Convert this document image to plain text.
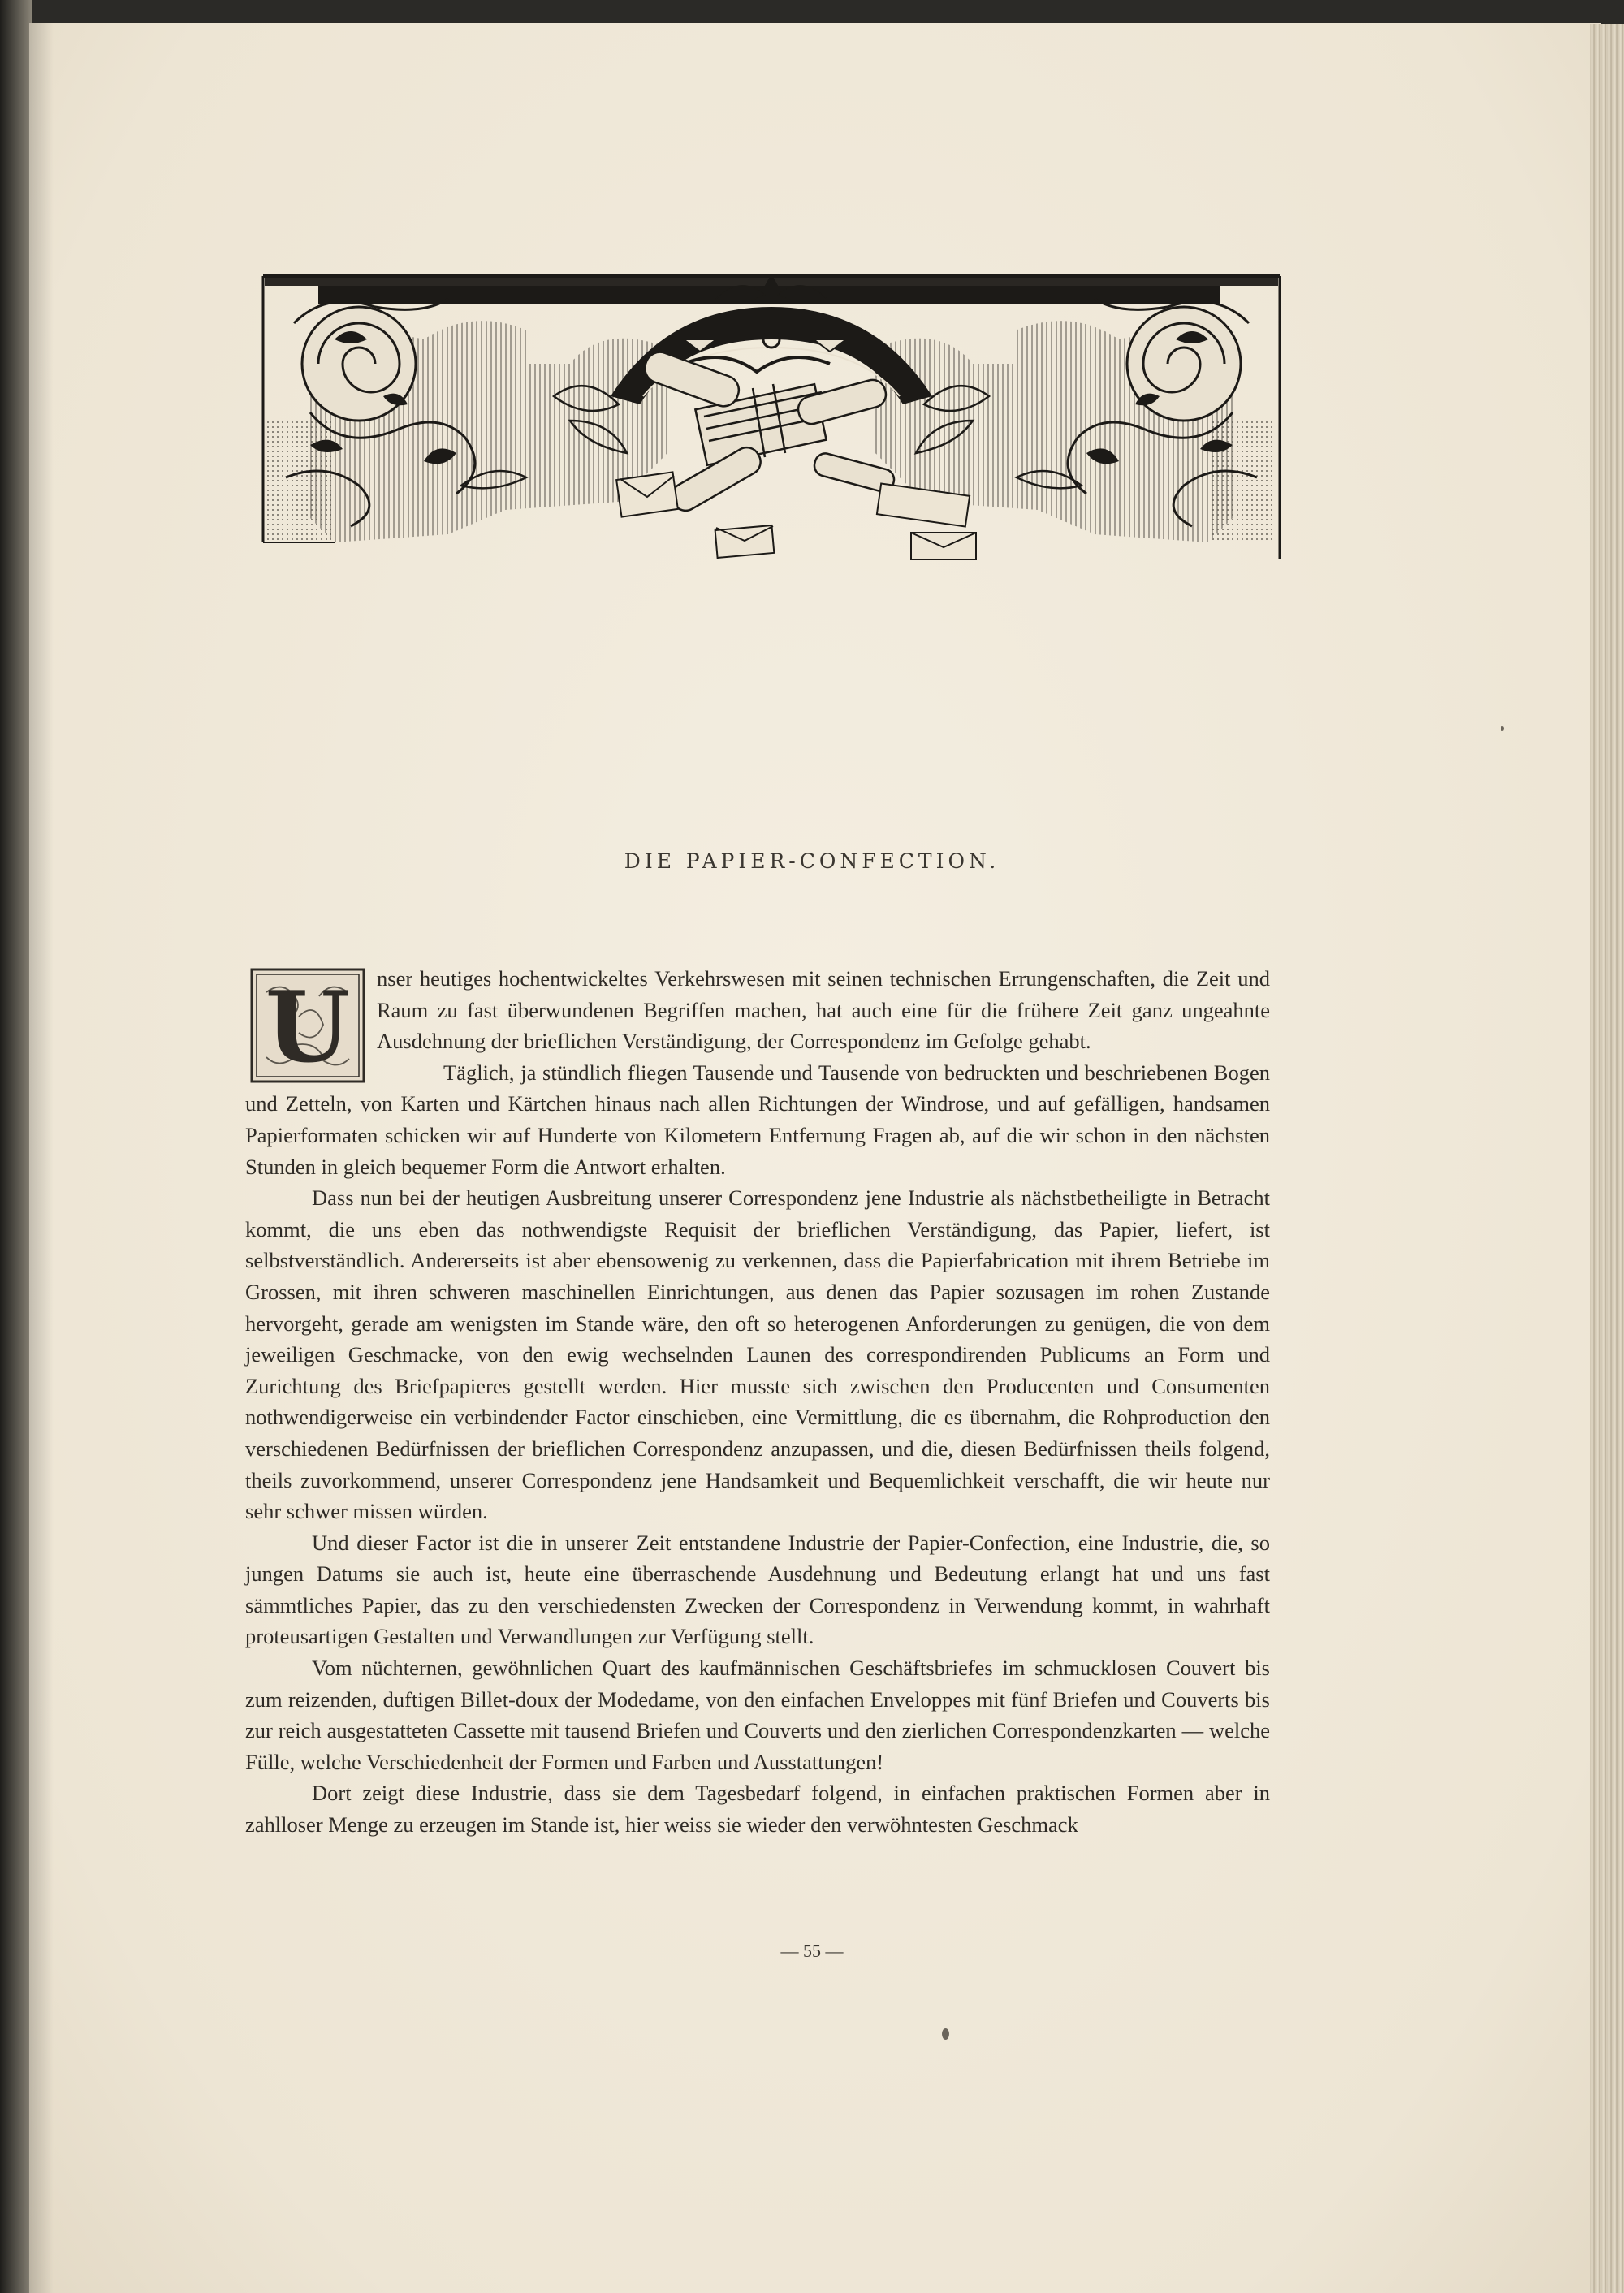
DIE PAPIER-CONFECTION.
U	nser heutiges hochentwickeltes Verkehrswesen mit seinen technischen Errungenschaften, die Zeit und Raum zu fast überwundenen Begriffen machen, hat auch eine für die frühere Zeit ganz ungeahnte Ausdehnung der brieflichen Verständigung, der Correspondenz im Gefolge gehabt.

Täglich, ja stündlich fliegen Tausende und Tausende von bedruckten und beschriebenen Bogen und Zetteln, von Karten und Kärtchen hinaus nach allen Richtungen der Windrose, und auf gefälligen, handsamen Papierformaten schicken wir auf Hunderte von Kilometern Entfernung Fragen ab, auf die wir schon in den nächsten Stunden in gleich bequemer Form die Antwort erhalten.

Dass nun bei der heutigen Ausbreitung unserer Correspondenz jene Industrie als nächstbetheiligte in Betracht kommt, die uns eben das nothwendigste Requisit der brieflichen Verständigung, das Papier, liefert, ist selbstverständlich. Andererseits ist aber ebensowenig zu verkennen, dass die Papierfabrication mit ihrem Betriebe im Grossen, mit ihren schweren maschinellen Einrichtungen, aus denen das Papier sozusagen im rohen Zustande hervorgeht, gerade am wenigsten im Stande wäre, den oft so heterogenen Anforderungen zu genügen, die von dem jeweiligen Geschmacke, von den ewig wechselnden Launen des correspondirenden Publicums an Form und Zurichtung des Briefpapieres gestellt werden. Hier musste sich zwischen den Producenten und Consumenten nothwendigerweise ein verbindender Factor einschieben, eine Vermittlung, die es übernahm, die Rohproduction den verschiedenen Bedürfnissen der brieflichen Correspondenz anzupassen, und die, diesen Bedürfnissen theils folgend, theils zuvorkommend, unserer Correspondenz jene Handsamkeit und Bequemlichkeit verschafft, die wir heute nur sehr schwer missen würden.

Und dieser Factor ist die in unserer Zeit entstandene Industrie der Papier-Confection, eine Industrie, die, so jungen Datums sie auch ist, heute eine überraschende Ausdehnung und Bedeutung erlangt hat und uns fast sämmtliches Papier, das zu den verschiedensten Zwecken der Correspondenz in Verwendung kommt, in wahrhaft proteusartigen Gestalten und Verwandlungen zur Verfügung stellt.

Vom nüchternen, gewöhnlichen Quart des kaufmännischen Geschäftsbriefes im schmucklosen Couvert bis zum reizenden, duftigen Billet-doux der Modedame, von den einfachen Enveloppes mit fünf Briefen und Couverts bis zur reich ausgestatteten Cassette mit tausend Briefen und Couverts und den zierlichen Correspondenzkarten — welche Fülle, welche Verschiedenheit der Formen und Farben und Ausstattungen!

Dort zeigt diese Industrie, dass sie dem Tagesbedarf folgend, in einfachen praktischen Formen aber in zahlloser Menge zu erzeugen im Stande ist, hier weiss sie wieder den verwöhntesten Geschmack

— 55 —
